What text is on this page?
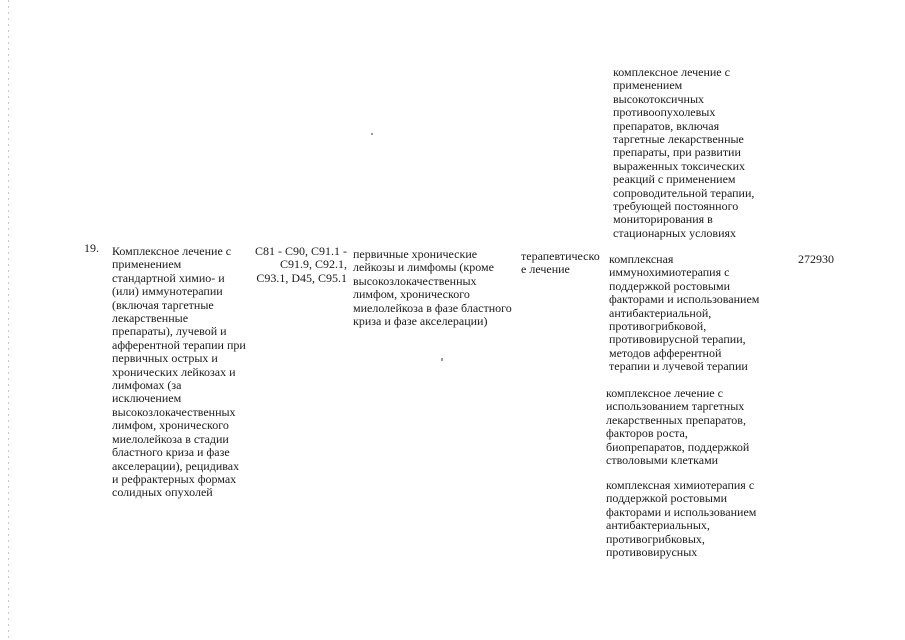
комплексное лечение с
применением
высокотоксичных
противоопухолевых
препаратов, включая
таргетные лекарственные
препараты, при развитии
выраженных токсических
реакций с применением
сопроводительной терапии,
требующей постоянного
мониторирования в
стационарных условиях
19. Комплексное лечение с
применением
стандартной химио- и
(или) иммунотерапии
(включая таргетные
лекарственные
препараты), лучевой и
афферентной терапии при
первичных острых и
хронических лейкозах и
лимфомах (за
исключением
высокозлокачественных
лимфом, хронического
миелолейкоза в стадии
бластного криза и фазе
акселерации), рецидивах
и рефрактерных формах
солидных опухолей
C81 - C90, C91.1 -
C91.9, C92.1,
C93.1, D45, C95.1
первичные хронические
лейкозы и лимфомы (кроме
высокозлокачественных
лимфом, хронического
миелолейкоза в фазе бластного
криза и фазе акселерации)
терапевтическо
е лечение
комплексная
иммунохимиотерапия с
поддержкой ростовыми
факторами и использованием
антибактериальной,
противогрибковой,
противовирусной терапии,
методов афферентной
терапии и лучевой терапии
комплексное лечение с
использованием таргетных
лекарственных препаратов,
факторов роста,
биопрепаратов, поддержкой
стволовыми клетками
комплексная химиотерапия с
поддержкой ростовыми
факторами и использованием
антибактериальных,
противогрибковых,
противовирусных
272930
